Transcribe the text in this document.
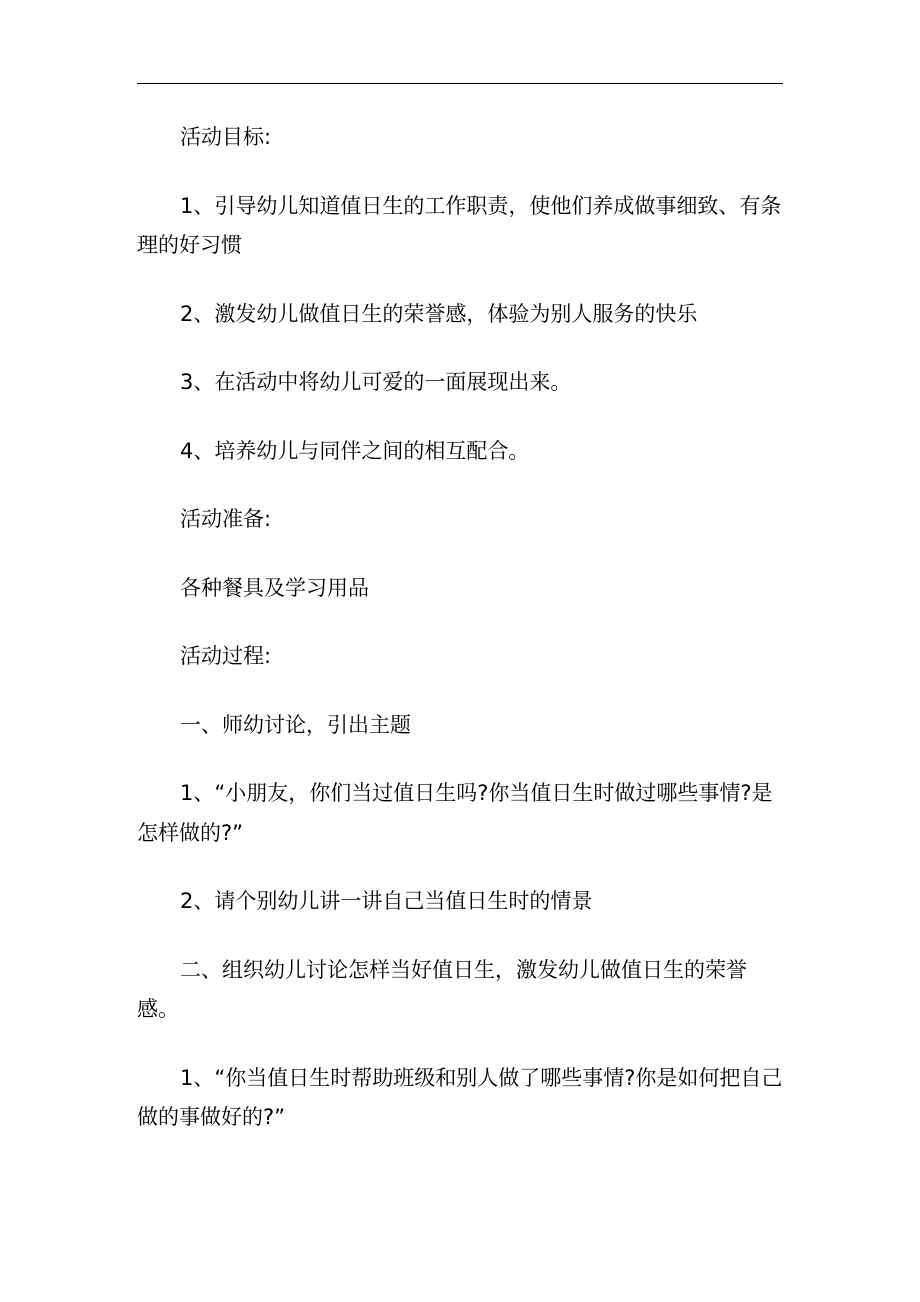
活动目标:

1、引导幼儿知道值日生的工作职责，使他们养成做事细致、有条理的好习惯

2、激发幼儿做值日生的荣誉感，体验为别人服务的快乐

3、在活动中将幼儿可爱的一面展现出来。

4、培养幼儿与同伴之间的相互配合。

活动准备:

各种餐具及学习用品

活动过程:

一、师幼讨论，引出主题

1、“小朋友，你们当过值日生吗?你当值日生时做过哪些事情?是怎样做的?”

2、请个别幼儿讲一讲自己当值日生时的情景

二、组织幼儿讨论怎样当好值日生，激发幼儿做值日生的荣誉感。

1、“你当值日生时帮助班级和别人做了哪些事情?你是如何把自己做的事做好的?”
